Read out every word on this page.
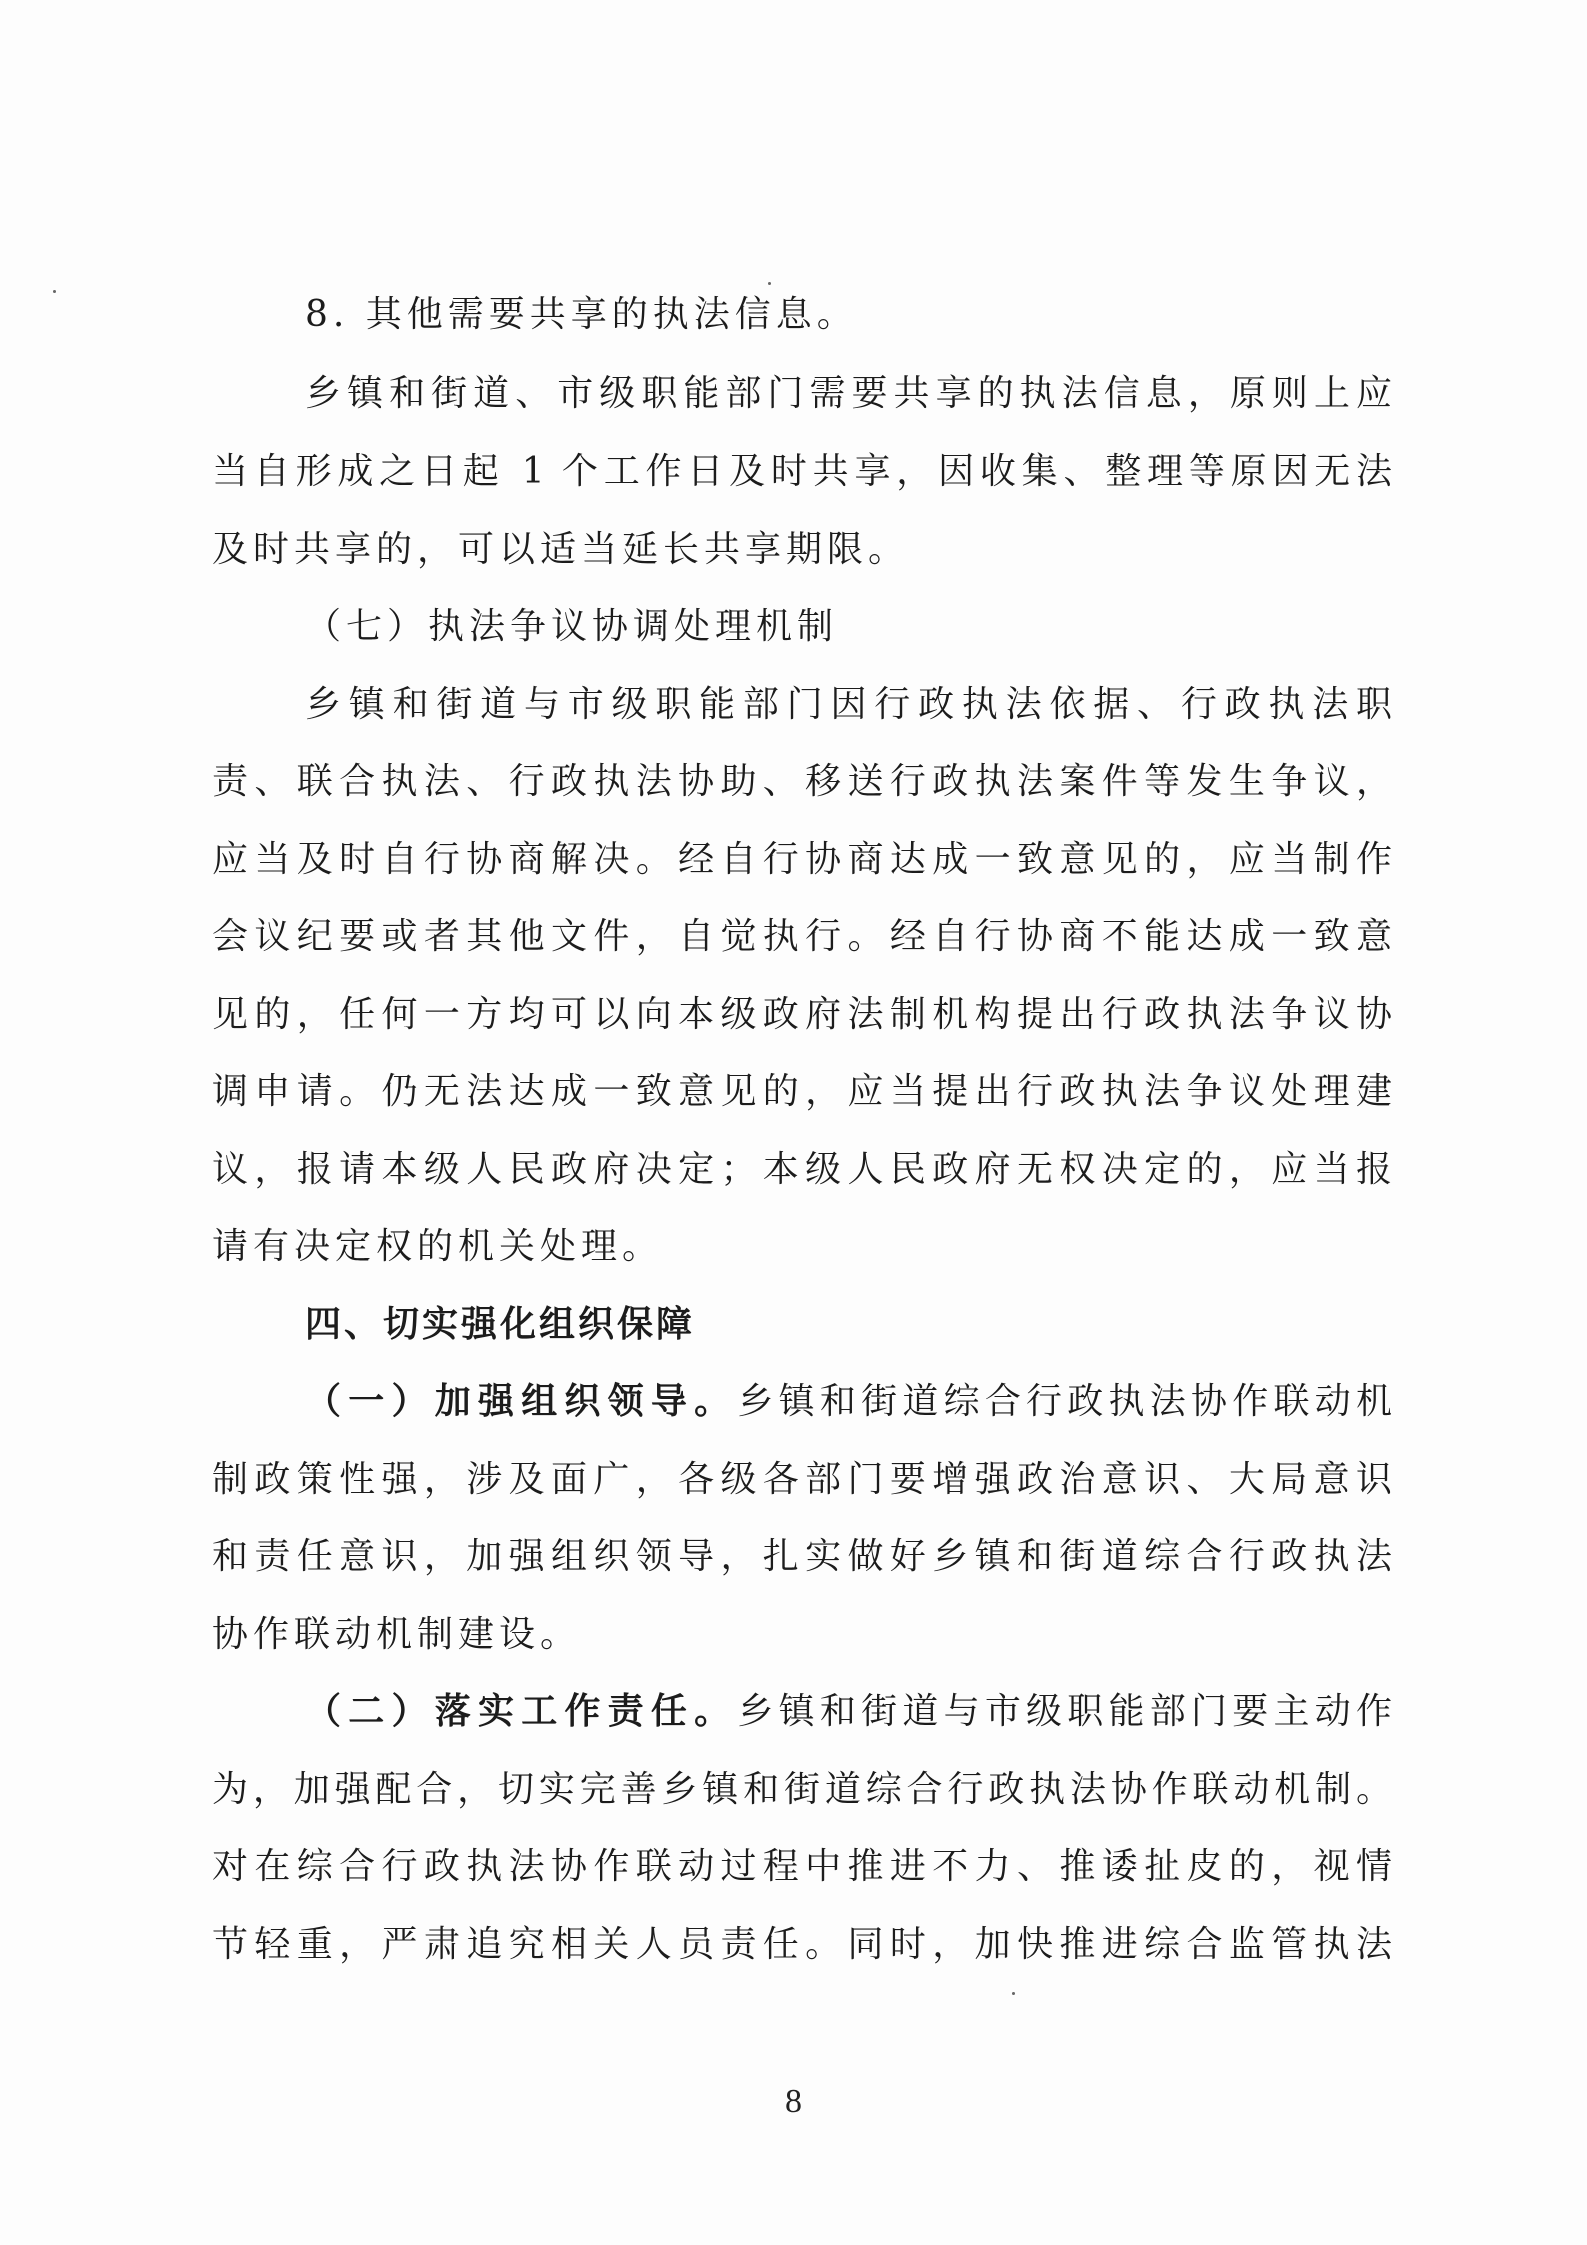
8. 其他需要共享的执法信息。
乡镇和街道、市级职能部门需要共享的执法信息，原则上应
当自形成之日起 1 个工作日及时共享，因收集、整理等原因无法
及时共享的，可以适当延长共享期限。
（七）执法争议协调处理机制
乡镇和街道与市级职能部门因行政执法依据、行政执法职
责、联合执法、行政执法协助、移送行政执法案件等发生争议，
应当及时自行协商解决。经自行协商达成一致意见的，应当制作
会议纪要或者其他文件，自觉执行。经自行协商不能达成一致意
见的，任何一方均可以向本级政府法制机构提出行政执法争议协
调申请。仍无法达成一致意见的，应当提出行政执法争议处理建
议，报请本级人民政府决定；本级人民政府无权决定的，应当报
请有决定权的机关处理。
四、切实强化组织保障
（一）加强组织领导。乡镇和街道综合行政执法协作联动机
制政策性强，涉及面广，各级各部门要增强政治意识、大局意识
和责任意识，加强组织领导，扎实做好乡镇和街道综合行政执法
协作联动机制建设。
（二）落实工作责任。乡镇和街道与市级职能部门要主动作
为，加强配合，切实完善乡镇和街道综合行政执法协作联动机制。
对在综合行政执法协作联动过程中推进不力、推诿扯皮的，视情
节轻重，严肃追究相关人员责任。同时，加快推进综合监管执法
8
